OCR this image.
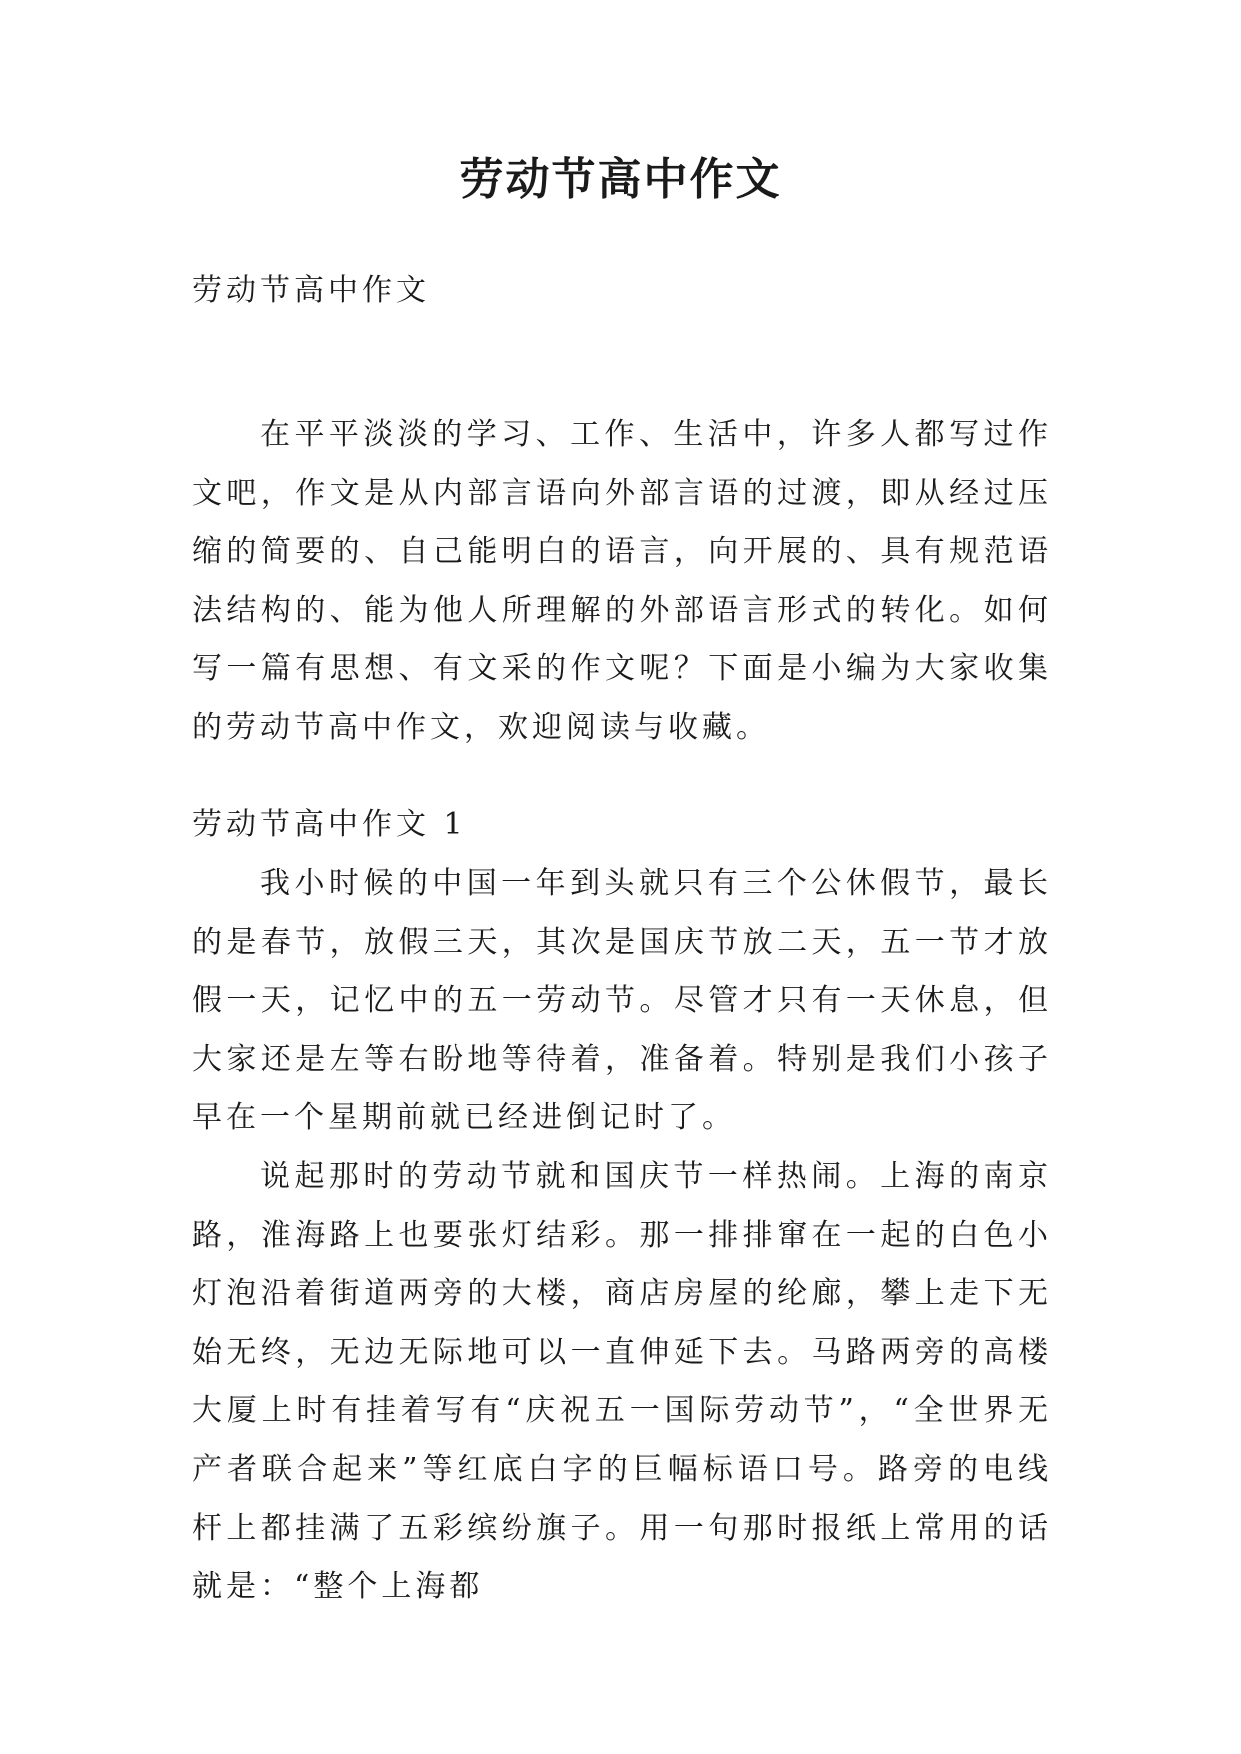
劳动节高中作文

劳动节高中作文

在平平淡淡的学习、工作、生活中，许多人都写过作文吧，作文是从内部言语向外部言语的过渡，即从经过压缩的简要的、自己能明白的语言，向开展的、具有规范语法结构的、能为他人所理解的外部语言形式的转化。如何写一篇有思想、有文采的作文呢？下面是小编为大家收集的劳动节高中作文，欢迎阅读与收藏。

劳动节高中作文 1

我小时候的中国一年到头就只有三个公休假节，最长的是春节，放假三天，其次是国庆节放二天，五一节才放假一天，记忆中的五一劳动节。尽管才只有一天休息，但大家还是左等右盼地等待着，准备着。特别是我们小孩子早在一个星期前就已经进倒记时了。

说起那时的劳动节就和国庆节一样热闹。上海的南京路，淮海路上也要张灯结彩。那一排排窜在一起的白色小灯泡沿着街道两旁的大楼，商店房屋的纶廊，攀上走下无始无终，无边无际地可以一直伸延下去。马路两旁的高楼大厦上时有挂着写有“庆祝五一国际劳动节”，“全世界无产者联合起来”等红底白字的巨幅标语口号。路旁的电线杆上都挂满了五彩缤纷旗子。用一句那时报纸上常用的话就是：“整个上海都
